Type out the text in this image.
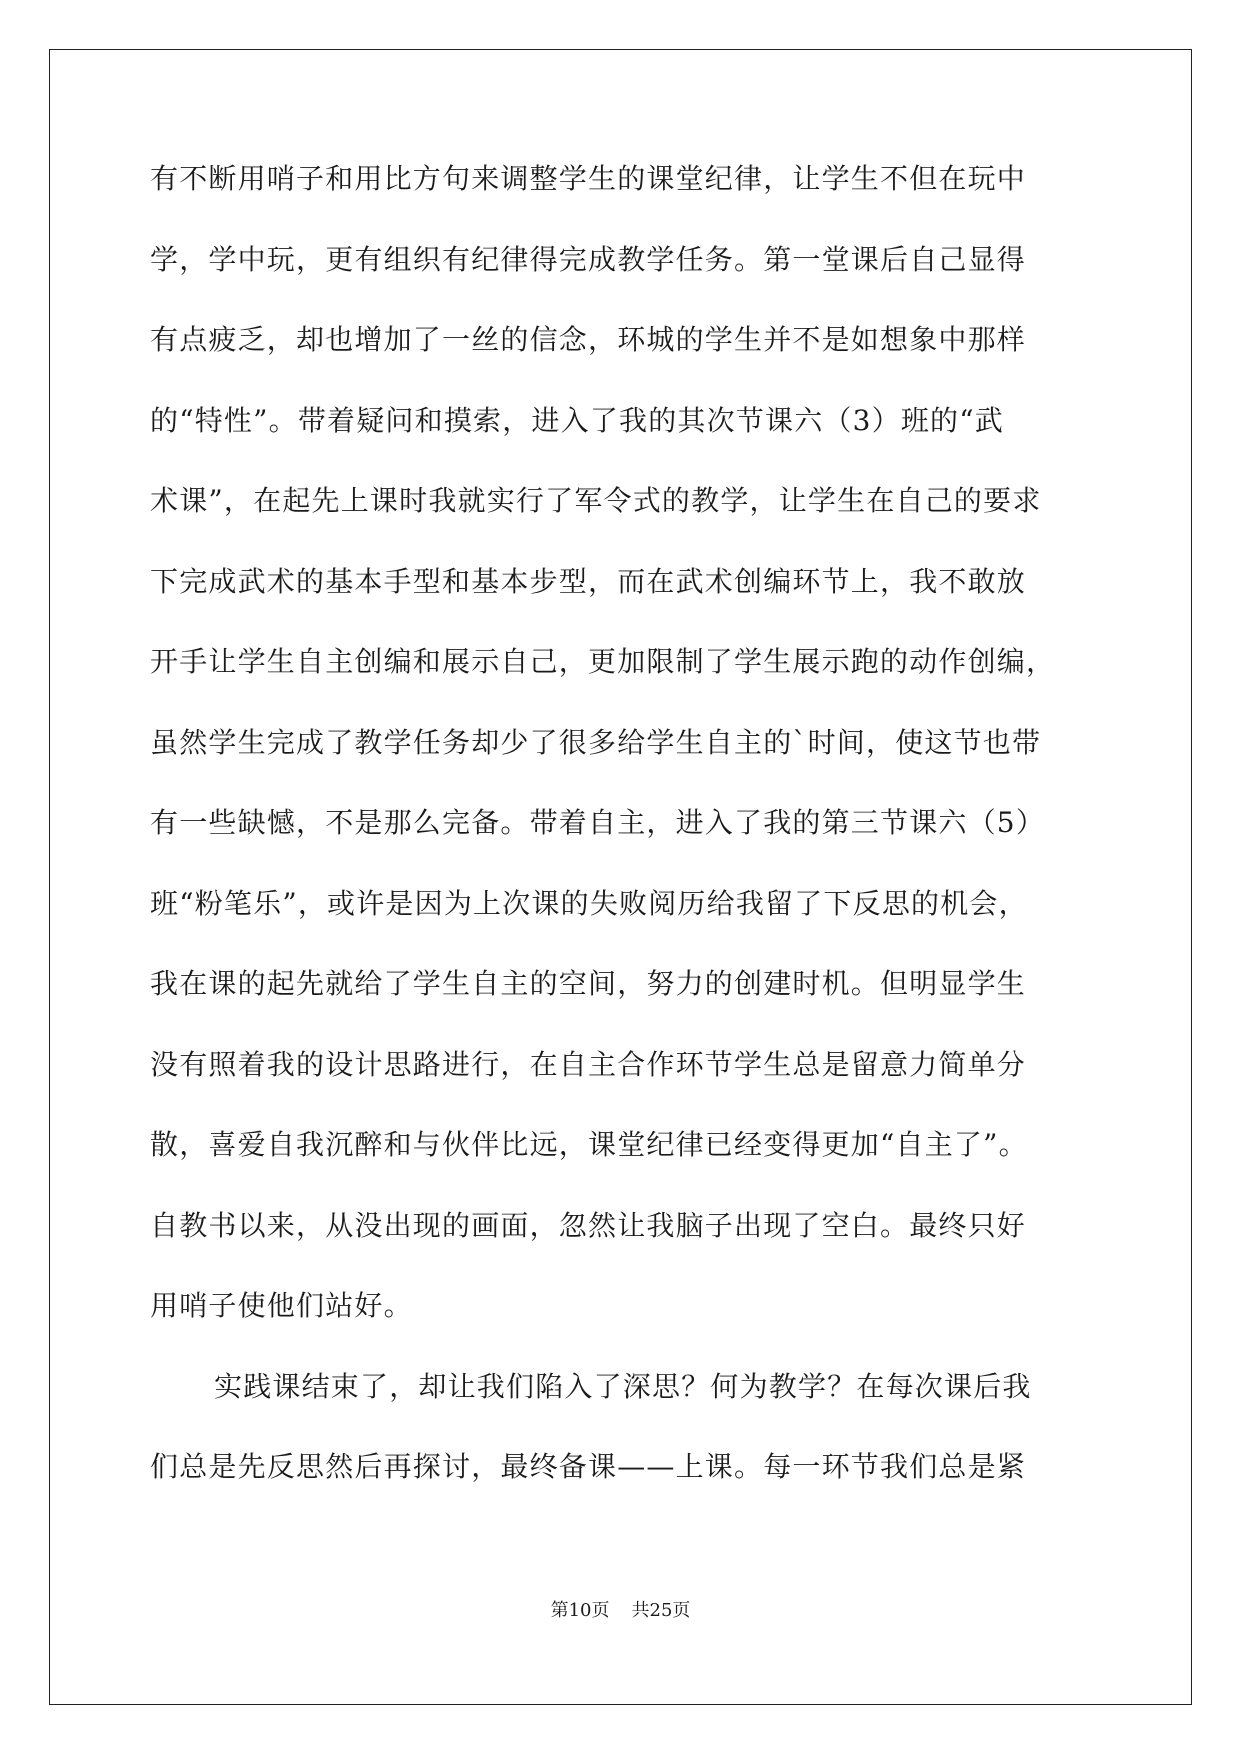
有不断用哨子和用比方句来调整学生的课堂纪律，让学生不但在玩中
学，学中玩，更有组织有纪律得完成教学任务。第一堂课后自己显得
有点疲乏，却也增加了一丝的信念，环城的学生并不是如想象中那样
的“特性”。带着疑问和摸索，进入了我的其次节课六（3）班的“武
术课”，在起先上课时我就实行了军令式的教学，让学生在自己的要求
下完成武术的基本手型和基本步型，而在武术创编环节上，我不敢放
开手让学生自主创编和展示自己，更加限制了学生展示跑的动作创编，
虽然学生完成了教学任务却少了很多给学生自主的`时间，使这节也带
有一些缺憾，不是那么完备。带着自主，进入了我的第三节课六（5）
班“粉笔乐”，或许是因为上次课的失败阅历给我留了下反思的机会，
我在课的起先就给了学生自主的空间，努力的创建时机。但明显学生
没有照着我的设计思路进行，在自主合作环节学生总是留意力简单分
散，喜爱自我沉醉和与伙伴比远，课堂纪律已经变得更加“自主了”。
自教书以来，从没出现的画面，忽然让我脑子出现了空白。最终只好
用哨子使他们站好。
实践课结束了，却让我们陷入了深思？何为教学？在每次课后我
们总是先反思然后再探讨，最终备课——上课。每一环节我们总是紧
第10页 共25页
